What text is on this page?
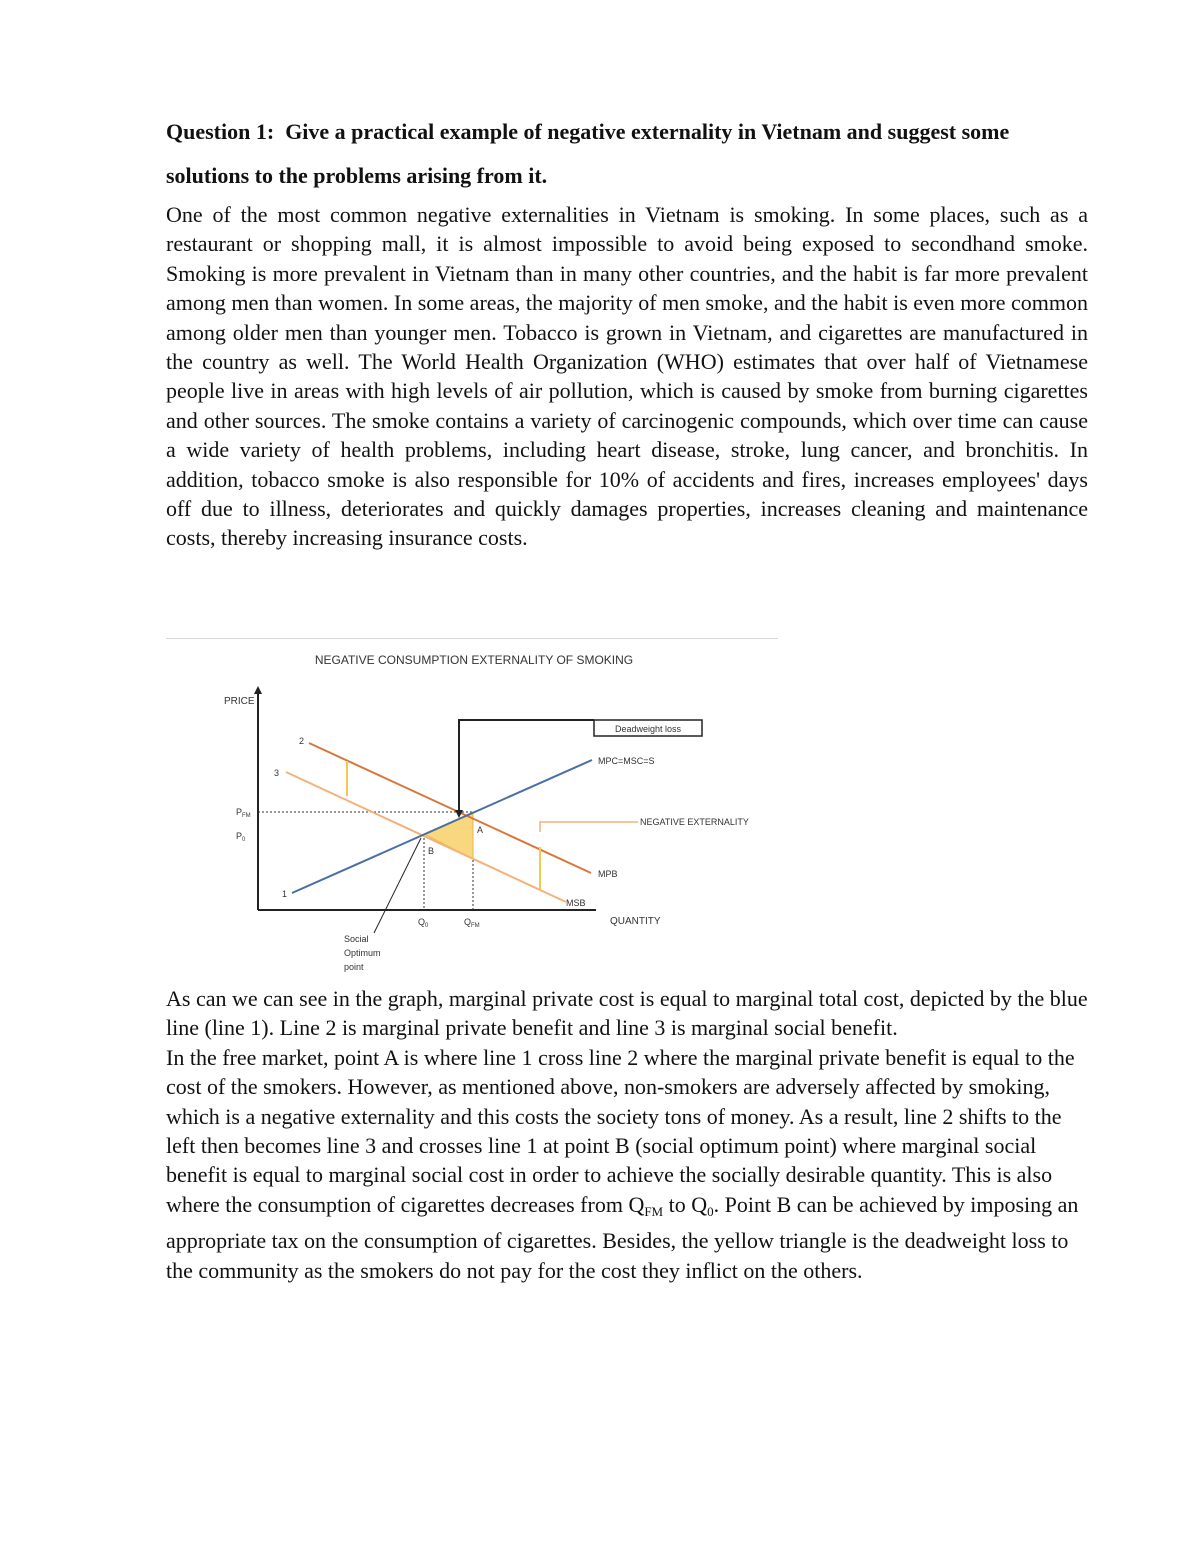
Question 1: Give a practical example of negative externality in Vietnam and suggest some solutions to the problems arising from it.

One of the most common negative externalities in Vietnam is smoking. In some places, such as a restaurant or shopping mall, it is almost impossible to avoid being exposed to secondhand smoke. Smoking is more prevalent in Vietnam than in many other countries, and the habit is far more prevalent among men than women. In some areas, the majority of men smoke, and the habit is even more common among older men than younger men. Tobacco is grown in Vietnam, and cigarettes are manufactured in the country as well. The World Health Organization (WHO) estimates that over half of Vietnamese people live in areas with high levels of air pollution, which is caused by smoke from burning cigarettes and other sources. The smoke contains a variety of carcinogenic compounds, which over time can cause a wide variety of health problems, including heart disease, stroke, lung cancer, and bronchitis. In addition, tobacco smoke is also responsible for 10% of accidents and fires, increases employees' days off due to illness, deteriorates and quickly damages properties, increases cleaning and maintenance costs, thereby increasing insurance costs.

NEGATIVE CONSUMPTION EXTERNALITY OF SMOKING
PRICE
QUANTITY
2
3
1
MPC=MSC=S
MPB
MSB
A
B
$P_{FM}$
$P_0$
$Q_0$	$Q_{FM}$
Deadweight loss
NEGATIVE EXTERNALITY
Social
Optimum
point

As can we can see in the graph, marginal private cost is equal to marginal total cost, depicted by the blue line (line 1). Line 2 is marginal private benefit and line 3 is marginal social benefit.

In the free market, point A is where line 1 cross line 2 where the marginal private benefit is equal to the cost of the smokers. However, as mentioned above, non-smokers are adversely affected by smoking, which is a negative externality and this costs the society tons of money. As a result, line 2 shifts to the left then becomes line 3 and crosses line 1 at point B (social optimum point) where marginal social benefit is equal to marginal social cost in order to achieve the socially desirable quantity. This is also where the consumption of cigarettes decreases from $Q_{FM}$ to $Q_0$. Point B can be achieved by imposing an appropriate tax on the consumption of cigarettes. Besides, the yellow triangle is the deadweight loss to the community as the smokers do not pay for the cost they inflict on the others.
